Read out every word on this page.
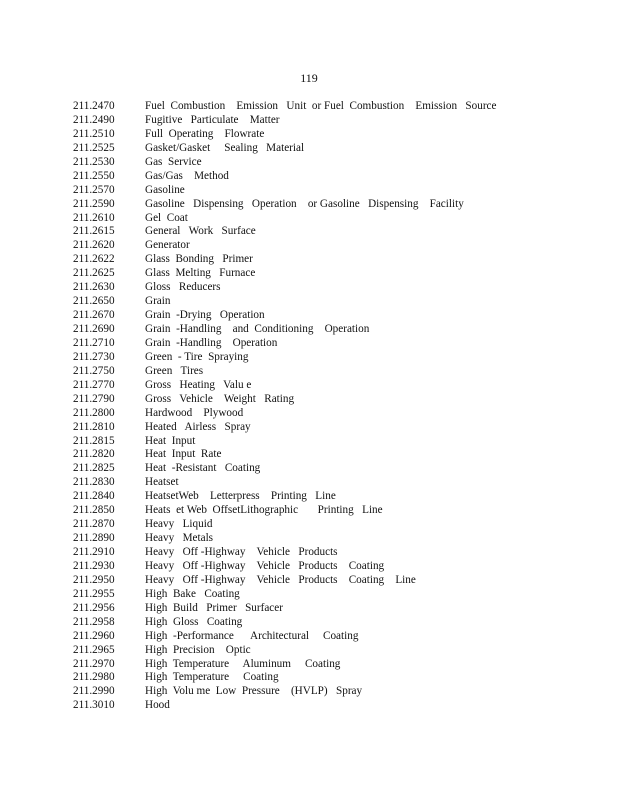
119
211.2470	Fuel  Combustion    Emission   Unit  or Fuel  Combustion    Emission   Source
211.2490	Fugitive   Particulate    Matter
211.2510	Full  Operating    Flowrate
211.2525	Gasket/Gasket     Sealing   Material
211.2530	Gas  Service
211.2550	Gas/Gas    Method
211.2570	Gasoline
211.2590	Gasoline   Dispensing   Operation    or Gasoline   Dispensing    Facility
211.2610	Gel  Coat
211.2615	General   Work   Surface
211.2620	Generator
211.2622	Glass  Bonding   Primer
211.2625	Glass  Melting   Furnace
211.2630	Gloss   Reducers
211.2650	Grain
211.2670	Grain  -Drying   Operation
211.2690	Grain  -Handling    and  Conditioning    Operation
211.2710	Grain  -Handling    Operation
211.2730	Green  - Tire  Spraying
211.2750	Green   Tires
211.2770	Gross   Heating   Valu e
211.2790	Gross   Vehicle    Weight   Rating
211.2800	Hardwood    Plywood
211.2810	Heated   Airless   Spray
211.2815	Heat  Input
211.2820	Heat  Input  Rate
211.2825	Heat  -Resistant   Coating
211.2830	Heatset
211.2840	HeatsetWeb    Letterpress    Printing   Line
211.2850	Heats  et Web  OffsetLithographic       Printing   Line
211.2870	Heavy   Liquid
211.2890	Heavy   Metals
211.2910	Heavy   Off -Highway    Vehicle   Products
211.2930	Heavy   Off -Highway    Vehicle   Products    Coating
211.2950	Heavy   Off -Highway    Vehicle   Products    Coating    Line
211.2955	High  Bake   Coating
211.2956	High  Build   Primer   Surfacer
211.2958	High  Gloss   Coating
211.2960	High  -Performance      Architectural     Coating
211.2965	High  Precision    Optic
211.2970	High  Temperature     Aluminum     Coating
211.2980	High  Temperature     Coating
211.2990	High  Volu me  Low  Pressure    (HVLP)   Spray
211.3010	Hood
